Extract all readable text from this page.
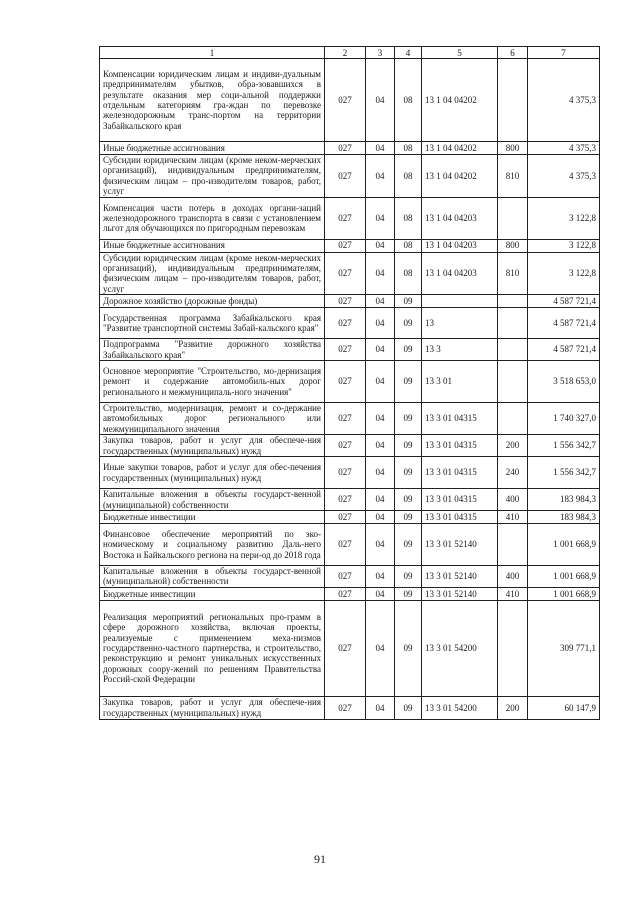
1	2	3	4	5	6	7
Компенсации юридическим лицам и индиви-дуальным предпринимателям убытков, обра-зовавшихся в результате оказания мер соци-альной поддержки отдельным категориям гра-ждан по перевозке железнодорожным транс-портом на территории Забайкальского края	027	04	08	13 1 04 04202		4 375,3
Иные бюджетные ассигнования	027	04	08	13 1 04 04202	800	4 375,3
Субсидии юридическим лицам (кроме неком-мерческих организаций), индивидуальным предпринимателям, физическим лицам – про-изводителям товаров, работ, услуг	027	04	08	13 1 04 04202	810	4 375,3
Компенсация части потерь в доходах органи-заций железнодорожного транспорта в связи с установлением льгот для обучающихся по пригородным перевозкам	027	04	08	13 1 04 04203		3 122,8
Иные бюджетные ассигнования	027	04	08	13 1 04 04203	800	3 122,8
Субсидии юридическим лицам (кроме неком-мерческих организаций), индивидуальным предпринимателям, физическим лицам – про-изводителям товаров, работ, услуг	027	04	08	13 1 04 04203	810	3 122,8
Дорожное хозяйство (дорожные фонды)	027	04	09			4 587 721,4
Государственная программа Забайкальского края "Развитие транспортной системы Забай-кальского края"	027	04	09	13		4 587 721,4
Подпрограмма "Развитие дорожного хозяйства Забайкальского края"	027	04	09	13 3		4 587 721,4
Основное мероприятие "Строительство, мо-дернизация ремонт и содержание автомобиль-ных дорог регионального и межмуниципаль-ного значения"	027	04	09	13 3 01		3 518 653,0
Строительство, модернизация, ремонт и со-держание автомобильных дорог регионального или межмуниципального значения	027	04	09	13 3 01 04315		1 740 327,0
Закупка товаров, работ и услуг для обеспече-ния государственных (муниципальных) нужд	027	04	09	13 3 01 04315	200	1 556 342,7
Иные закупки товаров, работ и услуг для обес-печения государственных (муниципальных) нужд	027	04	09	13 3 01 04315	240	1 556 342,7
Капитальные вложения в объекты государст-венной (муниципальной) собственности	027	04	09	13 3 01 04315	400	183 984,3
Бюджетные инвестиции	027	04	09	13 3 01 04315	410	183 984,3
Финансовое обеспечение мероприятий по эко-номическому и социальному развитию Даль-него Востока и Байкальского региона на пери-од до 2018 года	027	04	09	13 3 01 52140		1 001 668,9
Капитальные вложения в объекты государст-венной (муниципальной) собственности	027	04	09	13 3 01 52140	400	1 001 668,9
Бюджетные инвестиции	027	04	09	13 3 01 52140	410	1 001 668,9
Реализация мероприятий региональных про-грамм в сфере дорожного хозяйства, включая проекты, реализуемые с применением меха-низмов государственно-частного партнерства, и строительство, реконструкцию и ремонт уникальных искусственных дорожных соору-жений по решениям Правительства Россий-ской Федерации	027	04	09	13 3 01 54200		309 771,1
Закупка товаров, работ и услуг для обеспече-ния государственных (муниципальных) нужд	027	04	09	13 3 01 54200	200	60 147,9
91
